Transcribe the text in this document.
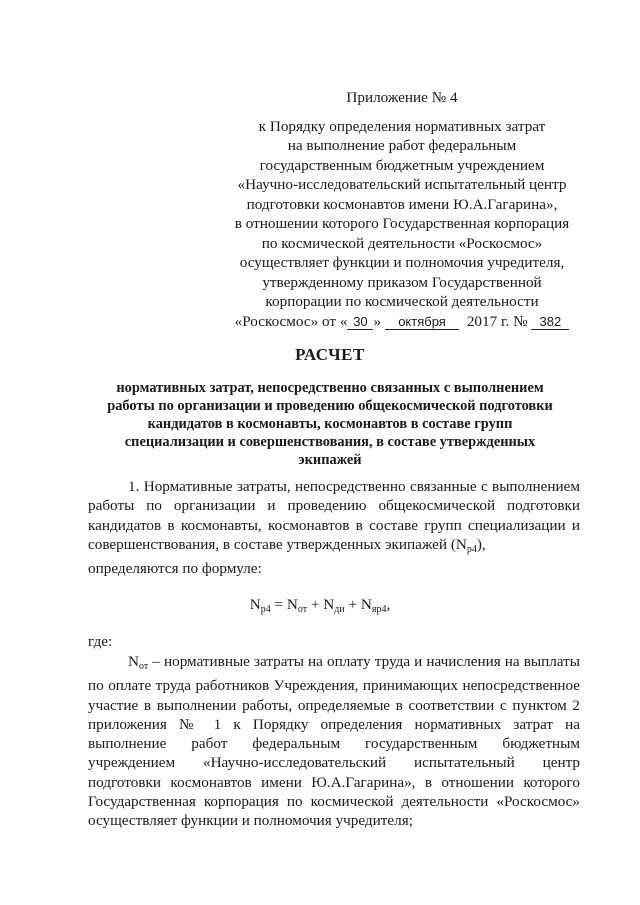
Приложение № 4
к Порядку определения нормативных затрат
на выполнение работ федеральным
государственным бюджетным учреждением
«Научно-исследовательский испытательный центр
подготовки космонавтов имени Ю.А.Гагарина»,
в отношении которого Государственная корпорация
по космической деятельности «Роскосмос»
осуществляет функции и полномочия учредителя,
утвержденному приказом Государственной
корпорации по космической деятельности
«Роскосмос» от « 30 » октября 2017 г. № 382
РАСЧЕТ
нормативных затрат, непосредственно связанных с выполнением
работы по организации и проведению общекосмической подготовки
кандидатов в космонавты, космонавтов в составе групп
специализации и совершенствования, в составе утвержденных
экипажей
1. Нормативные затраты, непосредственно связанные с выполнением работы по организации и проведению общекосмической подготовки кандидатов в космонавты, космонавтов в составе групп специализации и совершенствования, в составе утвержденных экипажей $(N_{р4})$,
определяются по формуле:
$N_{р4} = N_{от} + N_{ди} + N_{яр4}$,
где:
$N_{от}$ – нормативные затраты на оплату труда и начисления на выплаты по оплате труда работников Учреждения, принимающих непосредственное участие в выполнении работы, определяемые в соответствии с пунктом 2 приложения № 1 к Порядку определения нормативных затрат на выполнение работ федеральным государственным бюджетным учреждением «Научно-исследовательский испытательный центр подготовки космонавтов имени Ю.А.Гагарина», в отношении которого Государственная корпорация по космической деятельности «Роскосмос» осуществляет функции и полномочия учредителя;
